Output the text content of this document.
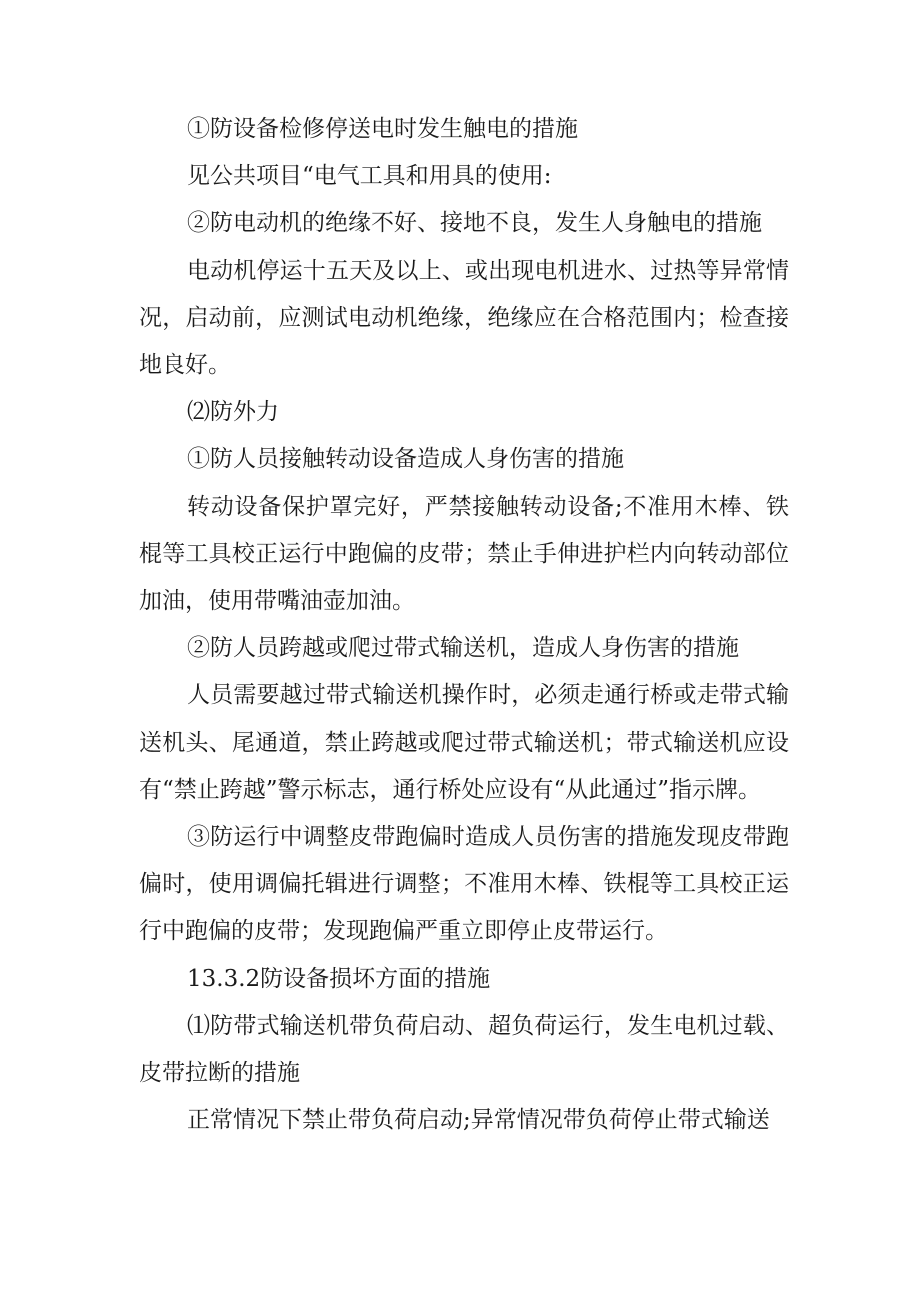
①防设备检修停送电时发生触电的措施

见公共项目“电气工具和用具的使用:

②防电动机的绝缘不好、接地不良，发生人身触电的措施

电动机停运十五天及以上、或出现电机进水、过热等异常情况，启动前，应测试电动机绝缘，绝缘应在合格范围内；检查接地良好。

⑵防外力

①防人员接触转动设备造成人身伤害的措施

转动设备保护罩完好，严禁接触转动设备;不准用木棒、铁棍等工具校正运行中跑偏的皮带；禁止手伸进护栏内向转动部位加油，使用带嘴油壶加油。

②防人员跨越或爬过带式输送机，造成人身伤害的措施

人员需要越过带式输送机操作时，必须走通行桥或走带式输送机头、尾通道，禁止跨越或爬过带式输送机；带式输送机应设有“禁止跨越”警示标志，通行桥处应设有“从此通过”指示牌。

③防运行中调整皮带跑偏时造成人员伤害的措施发现皮带跑偏时，使用调偏托辑进行调整；不准用木棒、铁棍等工具校正运行中跑偏的皮带；发现跑偏严重立即停止皮带运行。

13.3.2防设备损坏方面的措施

⑴防带式输送机带负荷启动、超负荷运行，发生电机过载、皮带拉断的措施

正常情况下禁止带负荷启动;异常情况带负荷停止带式输送
